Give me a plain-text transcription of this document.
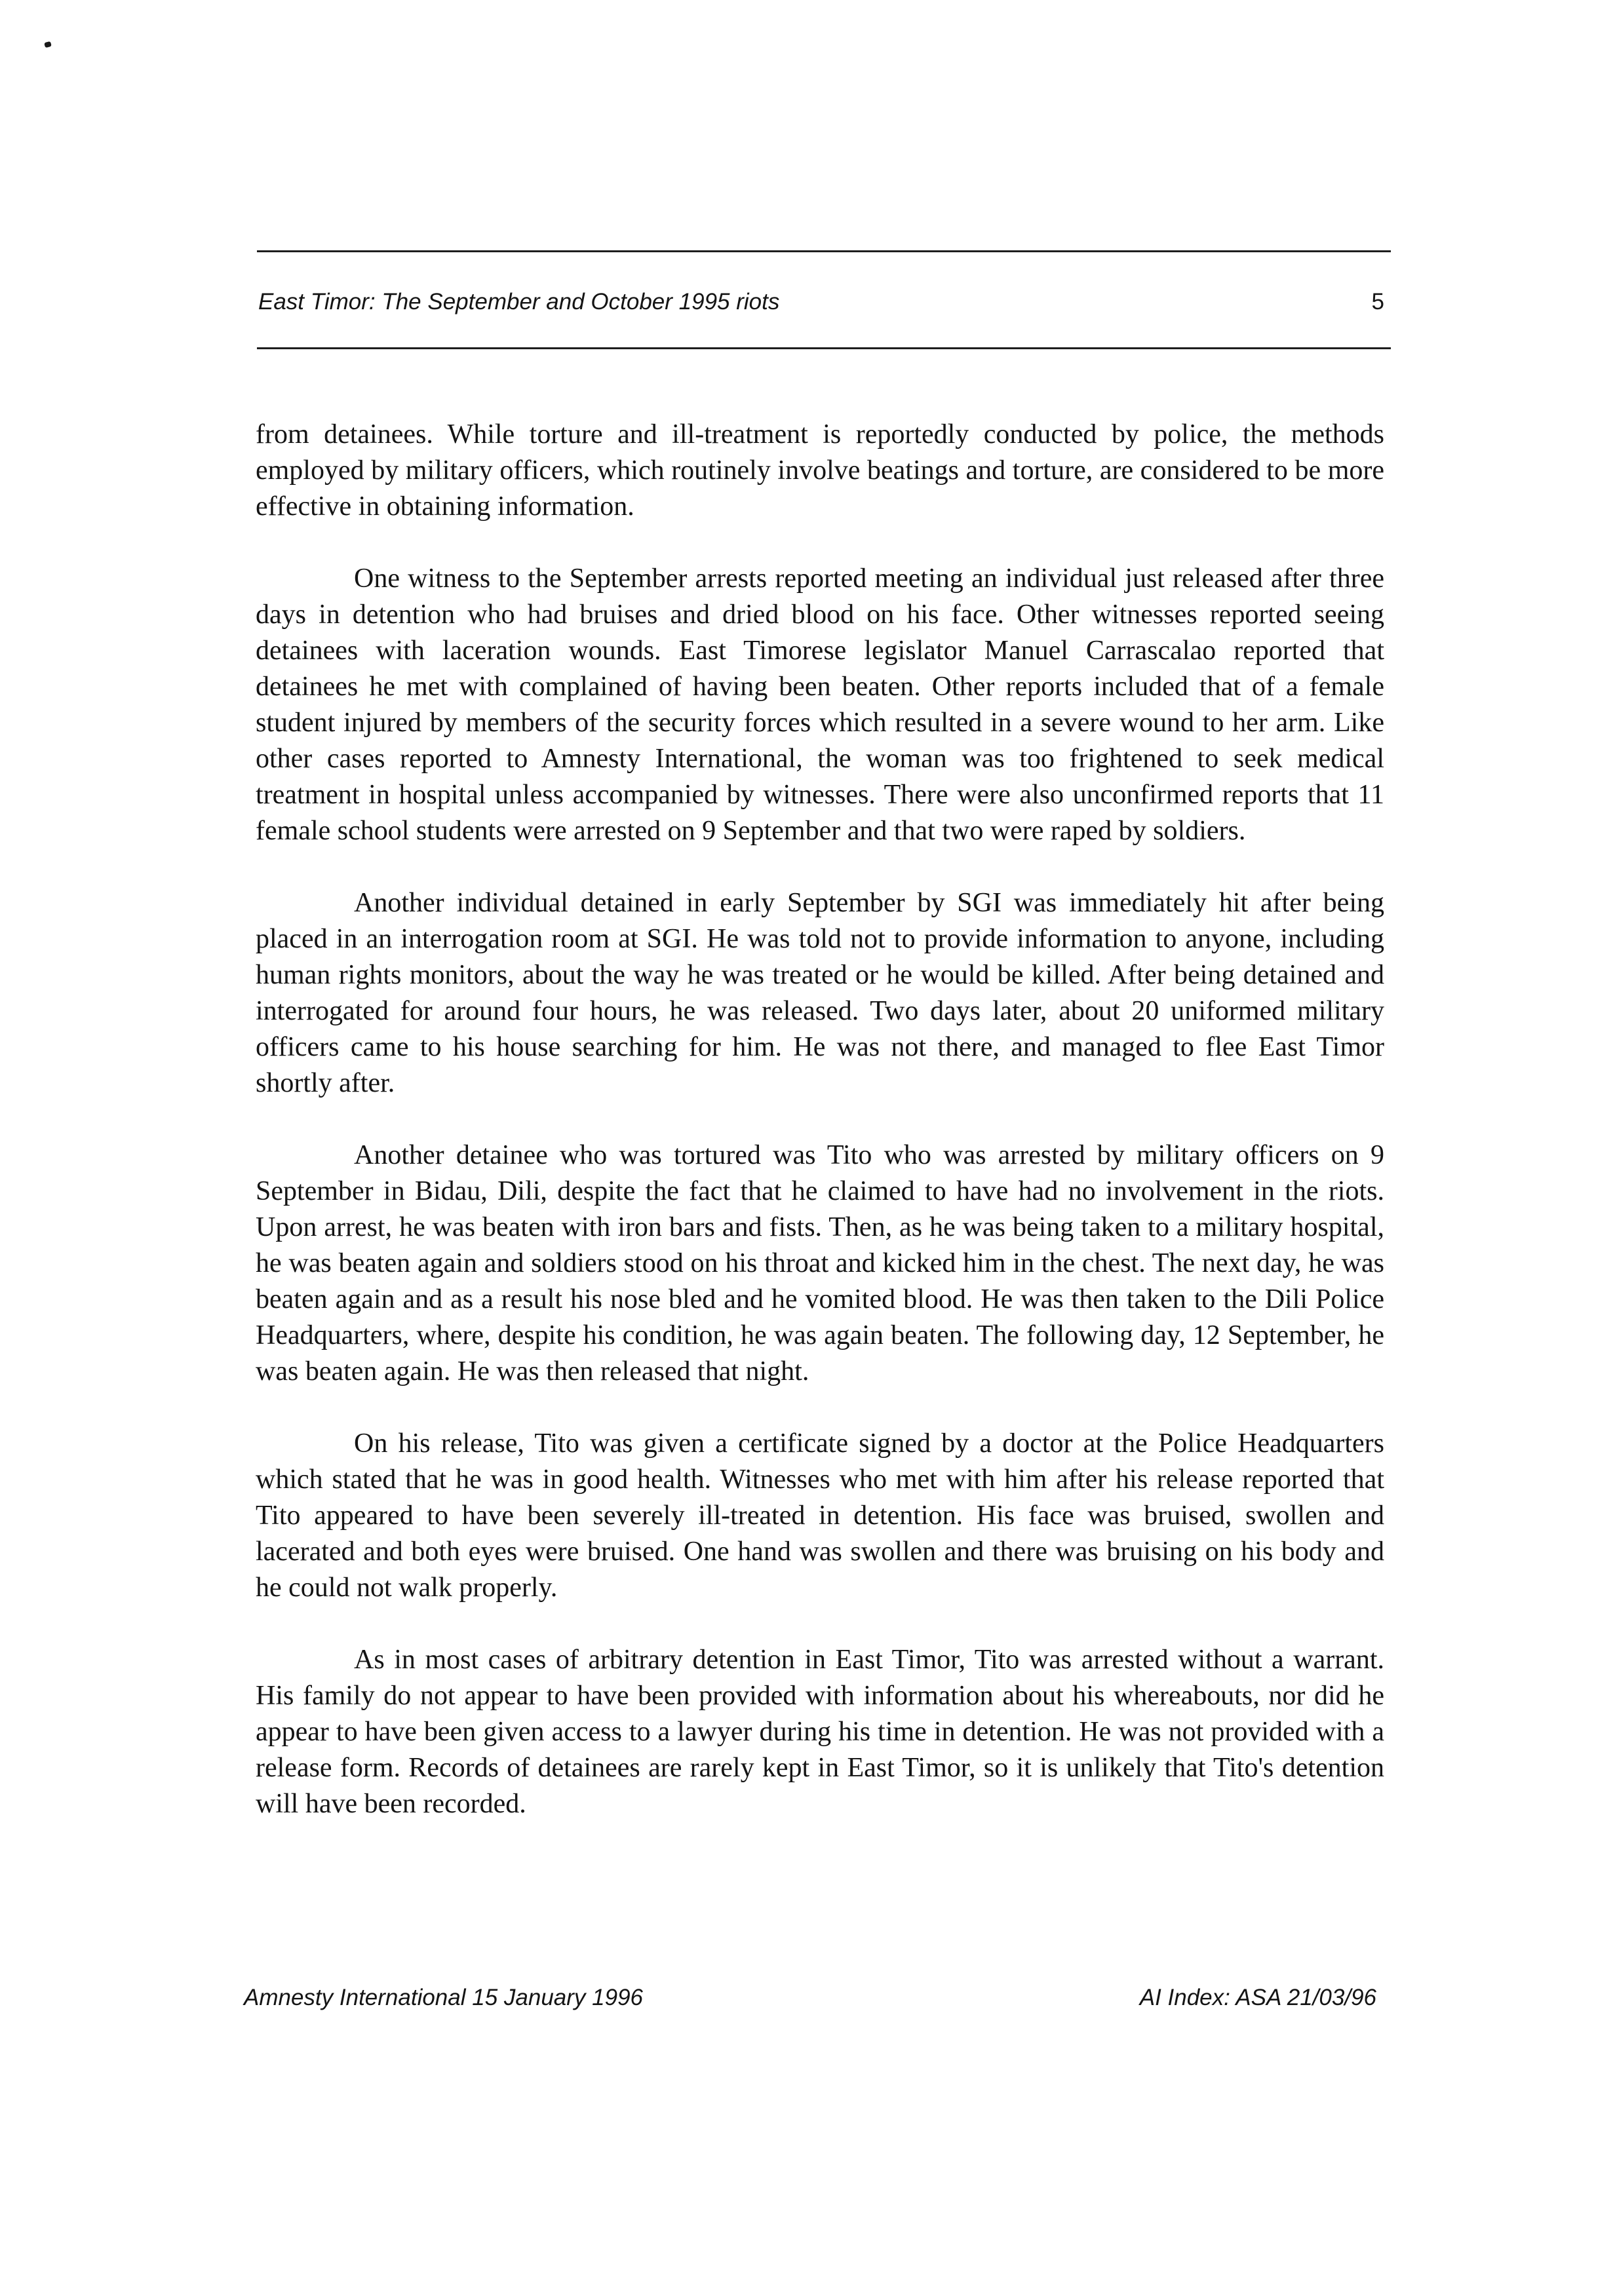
East Timor: The September and October 1995 riots	5

from detainees. While torture and ill-treatment is reportedly conducted by police, the methods employed by military officers, which routinely involve beatings and torture, are considered to be more effective in obtaining information.

One witness to the September arrests reported meeting an individual just released after three days in detention who had bruises and dried blood on his face. Other witnesses reported seeing detainees with laceration wounds. East Timorese legislator Manuel Carrascalao reported that detainees he met with complained of having been beaten. Other reports included that of a female student injured by members of the security forces which resulted in a severe wound to her arm. Like other cases reported to Amnesty International, the woman was too frightened to seek medical treatment in hospital unless accompanied by witnesses. There were also unconfirmed reports that 11 female school students were arrested on 9 September and that two were raped by soldiers.

Another individual detained in early September by SGI was immediately hit after being placed in an interrogation room at SGI. He was told not to provide information to anyone, including human rights monitors, about the way he was treated or he would be killed. After being detained and interrogated for around four hours, he was released. Two days later, about 20 uniformed military officers came to his house searching for him. He was not there, and managed to flee East Timor shortly after.

Another detainee who was tortured was Tito who was arrested by military officers on 9 September in Bidau, Dili, despite the fact that he claimed to have had no involvement in the riots. Upon arrest, he was beaten with iron bars and fists. Then, as he was being taken to a military hospital, he was beaten again and soldiers stood on his throat and kicked him in the chest. The next day, he was beaten again and as a result his nose bled and he vomited blood. He was then taken to the Dili Police Headquarters, where, despite his condition, he was again beaten. The following day, 12 September, he was beaten again. He was then released that night.

On his release, Tito was given a certificate signed by a doctor at the Police Headquarters which stated that he was in good health. Witnesses who met with him after his release reported that Tito appeared to have been severely ill-treated in detention. His face was bruised, swollen and lacerated and both eyes were bruised. One hand was swollen and there was bruising on his body and he could not walk properly.

As in most cases of arbitrary detention in East Timor, Tito was arrested without a warrant. His family do not appear to have been provided with information about his whereabouts, nor did he appear to have been given access to a lawyer during his time in detention. He was not provided with a release form. Records of detainees are rarely kept in East Timor, so it is unlikely that Tito's detention will have been recorded.

Amnesty International 15 January 1996	AI Index: ASA 21/03/96
